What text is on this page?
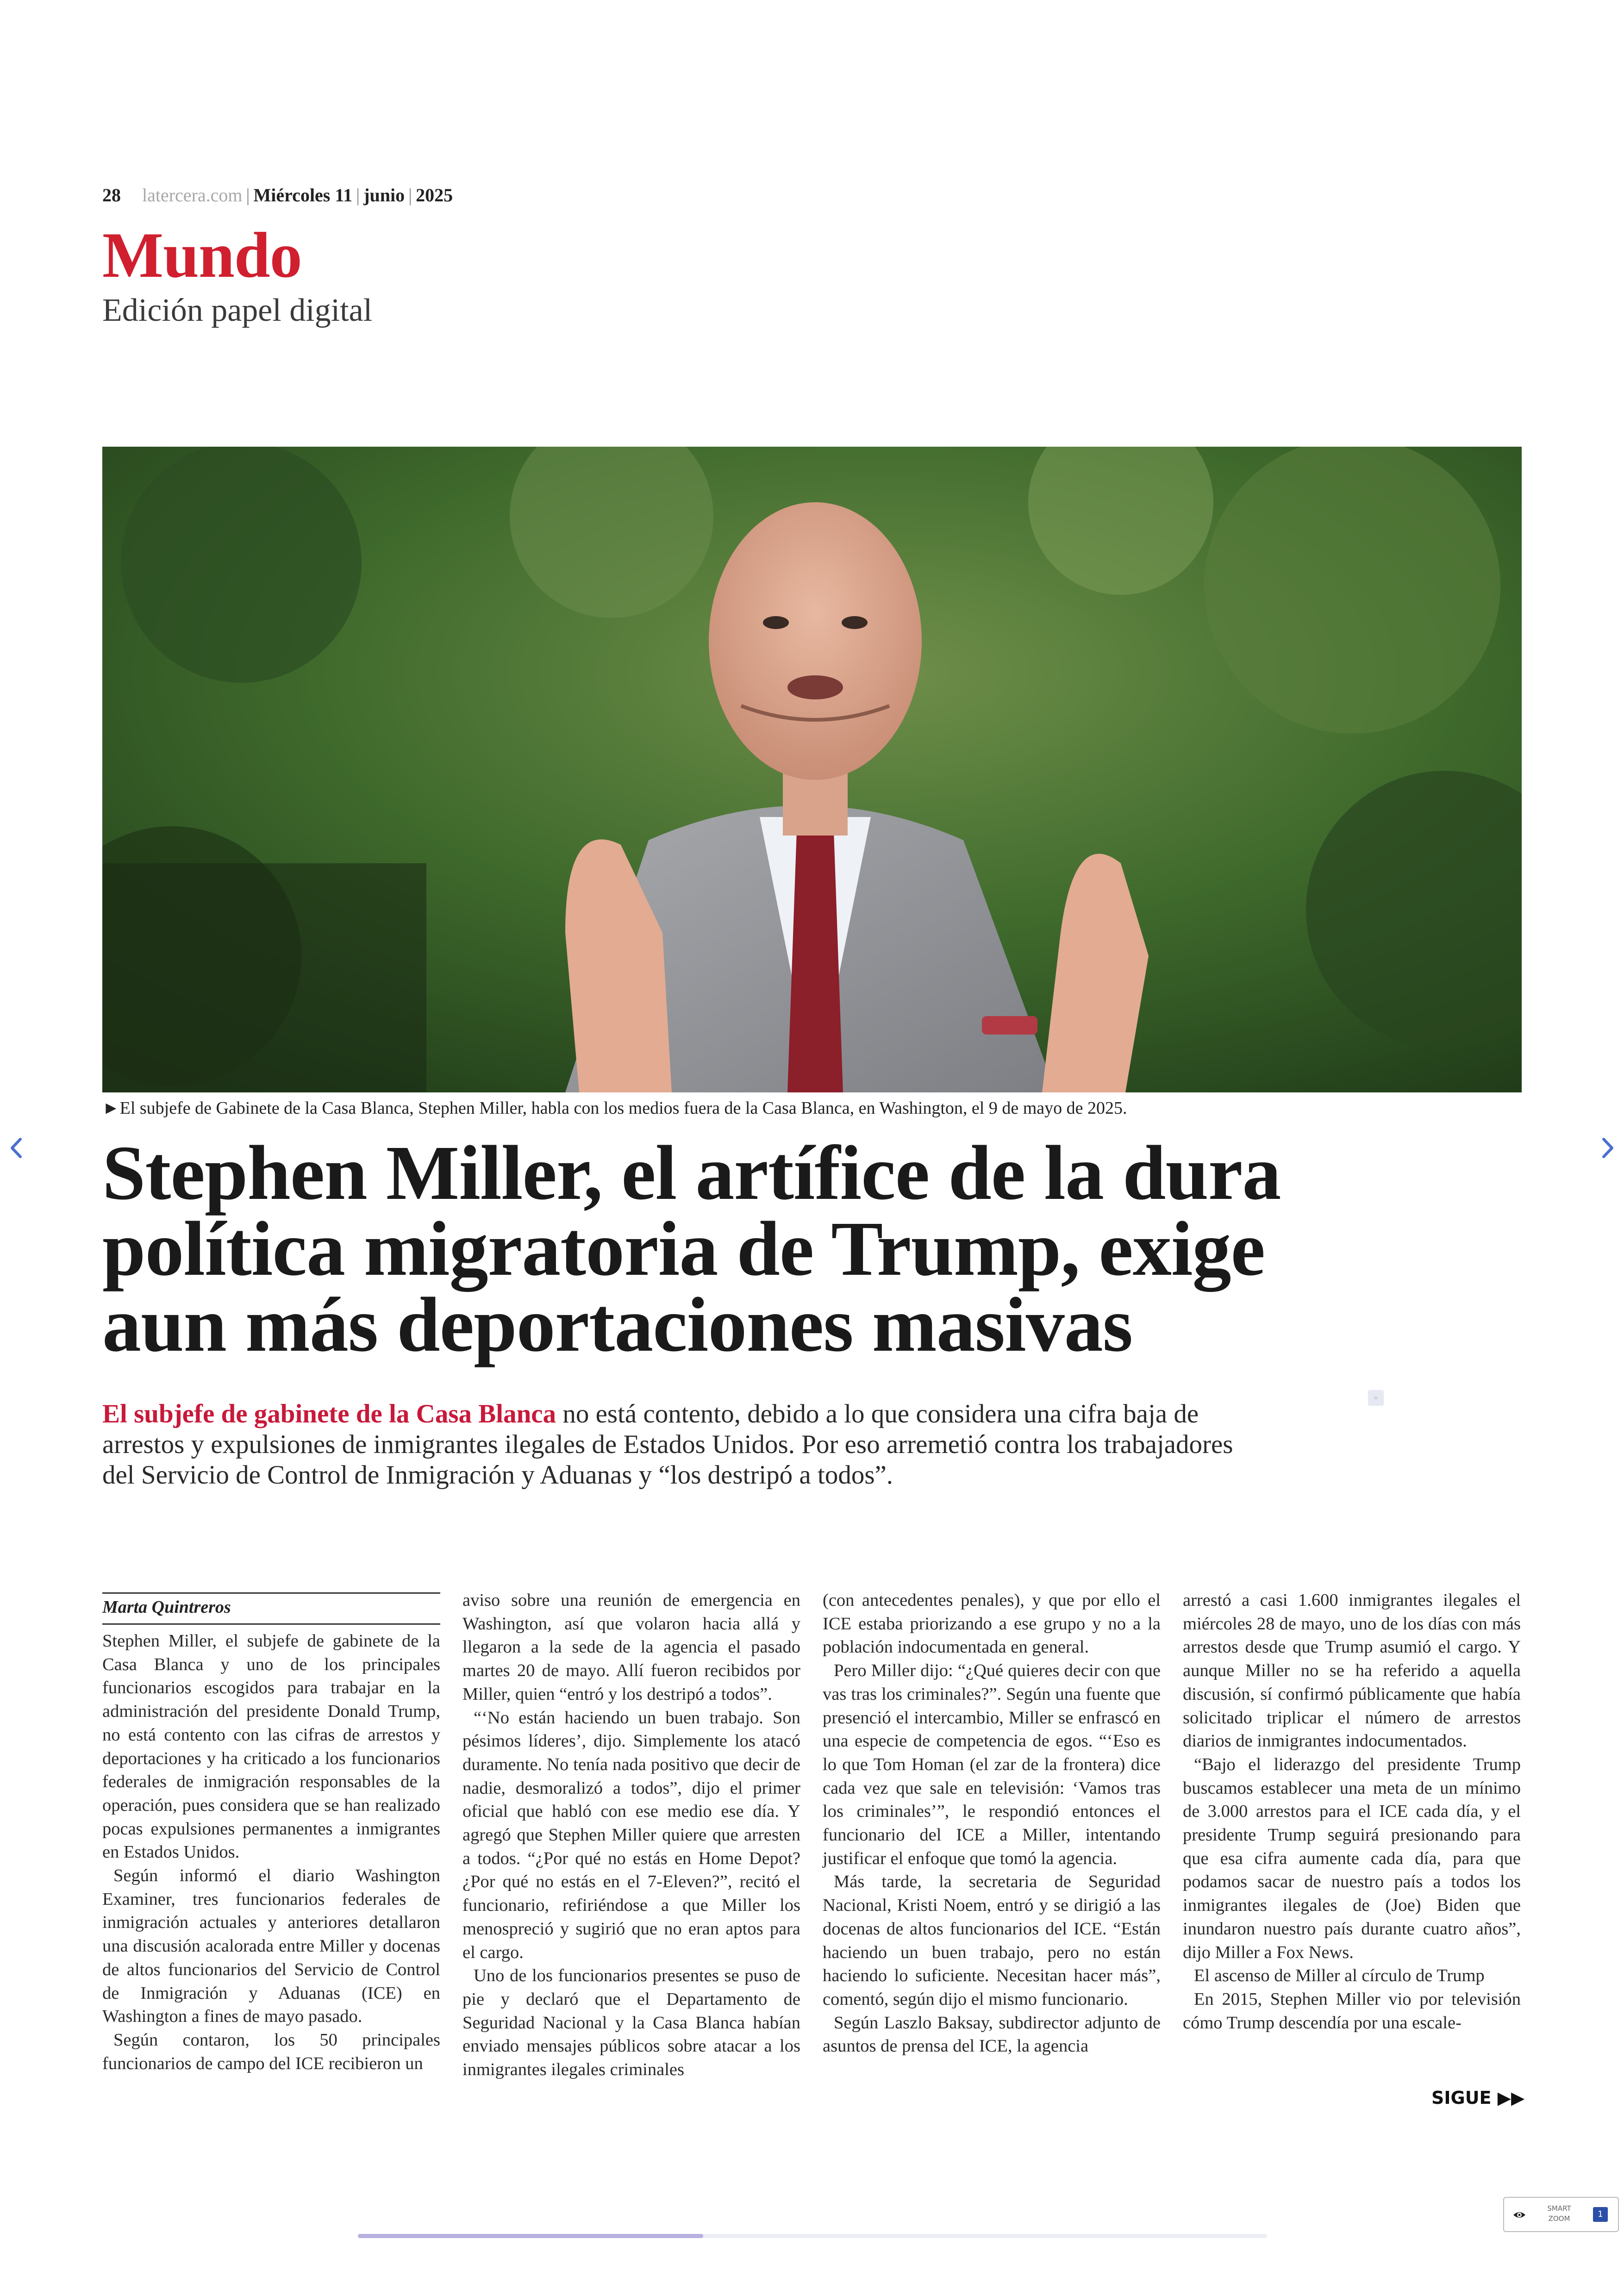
28 latercera.com | Miércoles 11 | junio | 2025
Mundo
Edición papel digital
►El subjefe de Gabinete de la Casa Blanca, Stephen Miller, habla con los medios fuera de la Casa Blanca, en Washington, el 9 de mayo de 2025.
Stephen Miller, el artífice de la dura
política migratoria de Trump, exige
aun más deportaciones masivas
El subjefe de gabinete de la Casa Blanca no está contento, debido a lo que considera una cifra baja de arrestos y expulsiones de inmigrantes ilegales de Estados Unidos. Por eso arremetió contra los trabajadores del Servicio de Control de Inmigración y Aduanas y “los destripó a todos”.
▫
Marta Quintreros

Stephen Miller, el subjefe de gabinete de la Casa Blanca y uno de los principales funcionarios escogidos para trabajar en la administración del presidente Donald Trump, no está contento con las cifras de arrestos y deportaciones y ha criticado a los funcionarios federales de inmigración responsables de la operación, pues considera que se han realizado pocas expulsiones permanentes a inmigrantes en Estados Unidos.

Según informó el diario Washington Examiner, tres funcionarios federales de inmigración actuales y anteriores detallaron una discusión acalorada entre Miller y docenas de altos funcionarios del Servicio de Control de Inmigración y Aduanas (ICE) en Washington a fines de mayo pasado.

Según contaron, los 50 principales funcionarios de campo del ICE recibieron un

aviso sobre una reunión de emergencia en Washington, así que volaron hacia allá y llegaron a la sede de la agencia el pasado martes 20 de mayo. Allí fueron recibidos por Miller, quien “entró y los destripó a todos”.

“‘No están haciendo un buen trabajo. Son pésimos líderes’, dijo. Simplemente los atacó duramente. No tenía nada positivo que decir de nadie, desmoralizó a todos”, dijo el primer oficial que habló con ese medio ese día. Y agregó que Stephen Miller quiere que arresten a todos. “¿Por qué no estás en Home Depot? ¿Por qué no estás en el 7-Eleven?”, recitó el funcionario, refiriéndose a que Miller los menospreció y sugirió que no eran aptos para el cargo.

Uno de los funcionarios presentes se puso de pie y declaró que el Departamento de Seguridad Nacional y la Casa Blanca habían enviado mensajes públicos sobre atacar a los inmigrantes ilegales criminales

(con antecedentes penales), y que por ello el ICE estaba priorizando a ese grupo y no a la población indocumentada en general.

Pero Miller dijo: “¿Qué quieres decir con que vas tras los criminales?”. Según una fuente que presenció el intercambio, Miller se enfrascó en una especie de competencia de egos. “‘Eso es lo que Tom Homan (el zar de la frontera) dice cada vez que sale en televisión: ‘Vamos tras los criminales’”, le respondió entonces el funcionario del ICE a Miller, intentando justificar el enfoque que tomó la agencia.

Más tarde, la secretaria de Seguridad Nacional, Kristi Noem, entró y se dirigió a las docenas de altos funcionarios del ICE. “Están haciendo un buen trabajo, pero no están haciendo lo suficiente. Necesitan hacer más”, comentó, según dijo el mismo funcionario.

Según Laszlo Baksay, subdirector adjunto de asuntos de prensa del ICE, la agencia

arrestó a casi 1.600 inmigrantes ilegales el miércoles 28 de mayo, uno de los días con más arrestos desde que Trump asumió el cargo. Y aunque Miller no se ha referido a aquella discusión, sí confirmó públicamente que había solicitado triplicar el número de arrestos diarios de inmigrantes indocumentados.

“Bajo el liderazgo del presidente Trump buscamos establecer una meta de un mínimo de 3.000 arrestos para el ICE cada día, y el presidente Trump seguirá presionando para que esa cifra aumente cada día, para que podamos sacar de nuestro país a todos los inmigrantes ilegales de (Joe) Biden que inundaron nuestro país durante cuatro años”, dijo Miller a Fox News.

El ascenso de Miller al círculo de Trump

En 2015, Stephen Miller vio por televisión cómo Trump descendía por una escale-

SIGUE ▶▶
SMART
ZOOM	1
